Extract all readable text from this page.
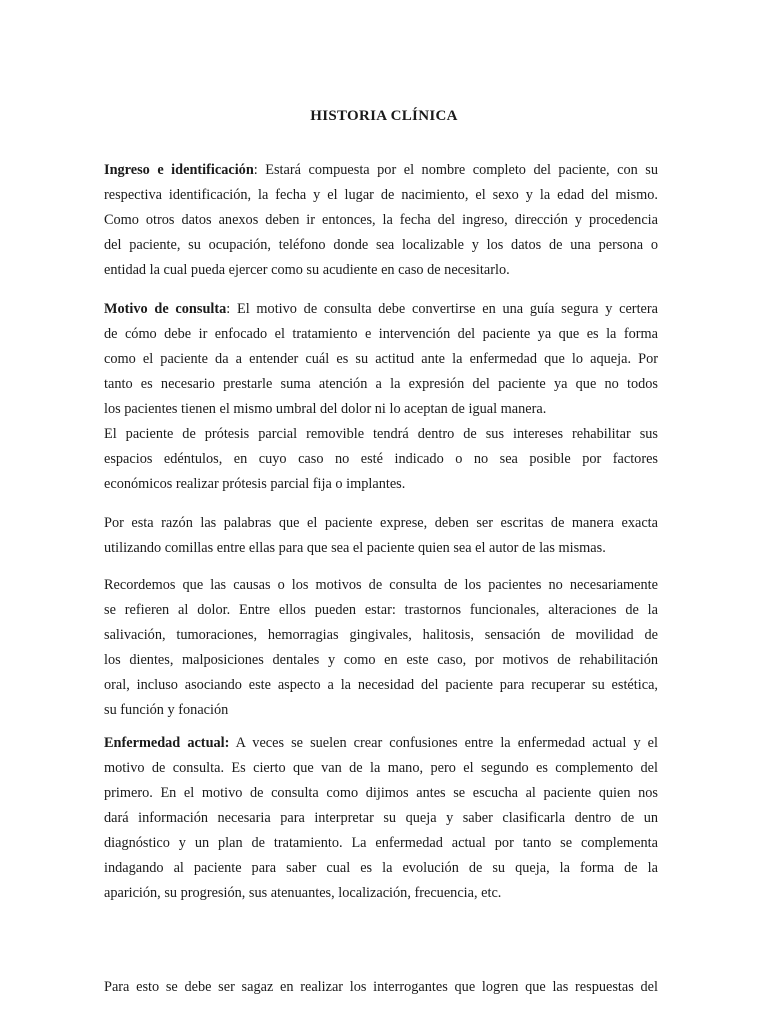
HISTORIA CLÍNICA
Ingreso e identificación: Estará compuesta por el nombre completo del paciente, con su
respectiva identificación, la fecha y el lugar de nacimiento, el sexo y la edad del mismo.
Como otros datos anexos deben ir entonces, la fecha del ingreso, dirección y procedencia
del paciente, su ocupación, teléfono donde sea localizable y los datos de una persona o
entidad la cual pueda ejercer como su acudiente en caso de necesitarlo.
Motivo de consulta: El motivo de consulta debe convertirse en una guía segura y certera
de cómo debe ir enfocado el tratamiento e intervención del paciente ya que es la forma
como el paciente da a entender cuál es su actitud ante la enfermedad que lo aqueja. Por
tanto es necesario prestarle suma atención a la expresión del paciente ya que no todos
los pacientes tienen el mismo umbral del dolor ni lo aceptan de igual manera.
El paciente de prótesis parcial removible tendrá dentro de sus intereses rehabilitar sus
espacios edéntulos, en cuyo caso no esté indicado o no sea posible por factores
económicos realizar prótesis parcial fija o implantes.
Por esta razón las palabras que el paciente exprese, deben ser escritas de manera exacta
utilizando comillas entre ellas para que sea el paciente quien sea el autor de las mismas.
Recordemos que las causas o los motivos de consulta de los pacientes no necesariamente
se refieren al dolor. Entre ellos pueden estar: trastornos funcionales, alteraciones de la
salivación, tumoraciones, hemorragias gingivales, halitosis, sensación de movilidad de
los dientes, malposiciones dentales y como en este caso, por motivos de rehabilitación
oral, incluso asociando este aspecto a la necesidad del paciente para recuperar su estética,
su función y fonación
Enfermedad actual: A veces se suelen crear confusiones entre la enfermedad actual y el
motivo de consulta. Es cierto que van de la mano, pero el segundo es complemento del
primero. En el motivo de consulta como dijimos antes se escucha al paciente quien nos
dará información necesaria para interpretar su queja y saber clasificarla dentro de un
diagnóstico y un plan de tratamiento. La enfermedad actual por tanto se complementa
indagando al paciente para saber cual es la evolución de su queja, la forma de la
aparición, su progresión, sus atenuantes, localización, frecuencia, etc.
Para esto se debe ser sagaz en realizar los interrogantes que logren que las respuestas del
